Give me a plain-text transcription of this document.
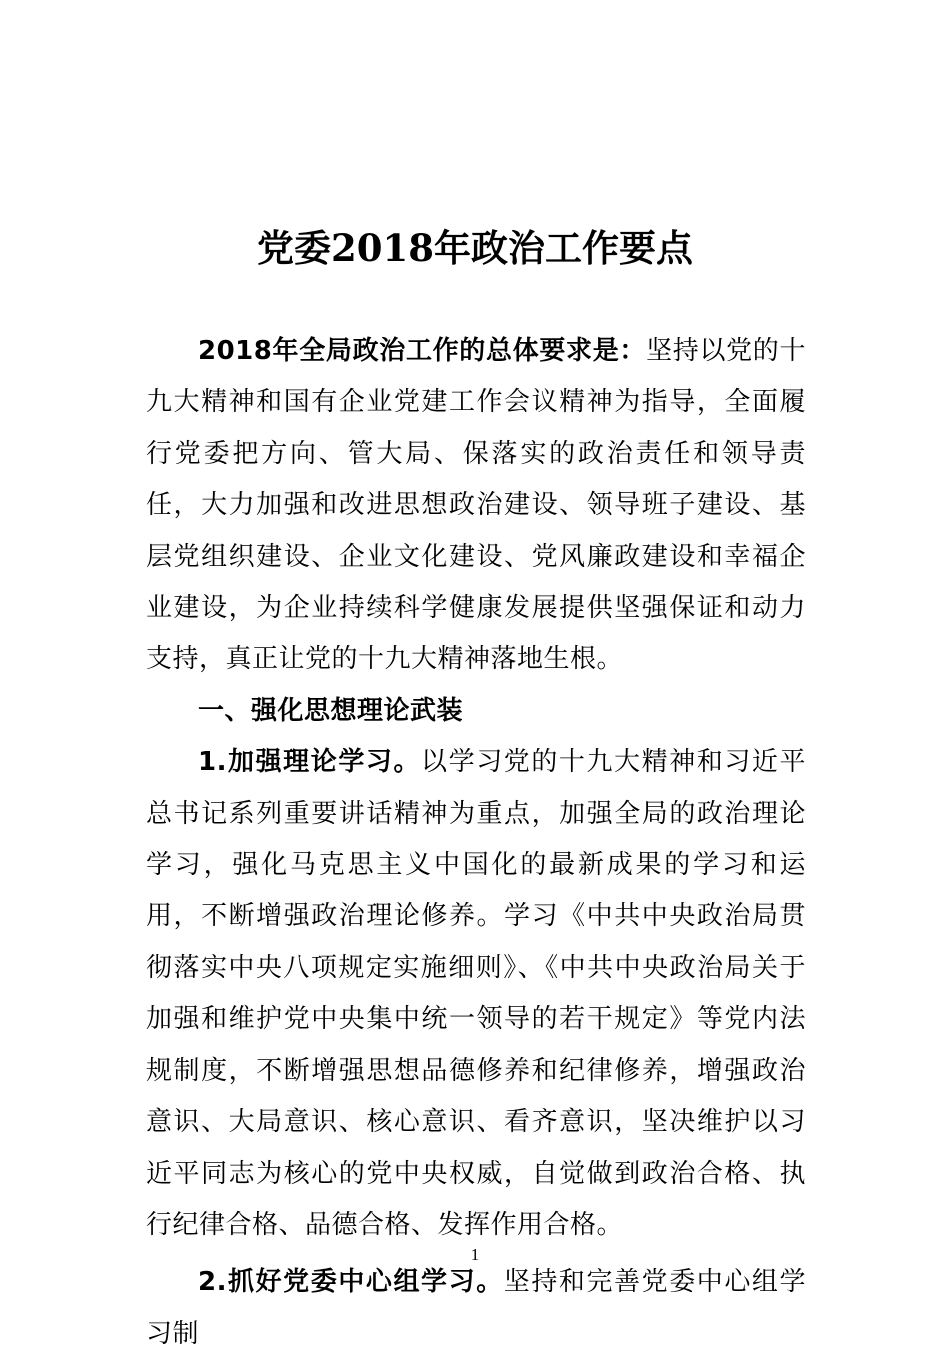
党委2018年政治工作要点

2018年全局政治工作的总体要求是：坚持以党的十九大精神和国有企业党建工作会议精神为指导，全面履行党委把方向、管大局、保落实的政治责任和领导责任，大力加强和改进思想政治建设、领导班子建设、基层党组织建设、企业文化建设、党风廉政建设和幸福企业建设，为企业持续科学健康发展提供坚强保证和动力支持，真正让党的十九大精神落地生根。

一、强化思想理论武装

1.加强理论学习。以学习党的十九大精神和习近平总书记系列重要讲话精神为重点，加强全局的政治理论学习，强化马克思主义中国化的最新成果的学习和运用，不断增强政治理论修养。学习《中共中央政治局贯彻落实中央八项规定实施细则》、《中共中央政治局关于加强和维护党中央集中统一领导的若干规定》等党内法规制度，不断增强思想品德修养和纪律修养，增强政治意识、大局意识、核心意识、看齐意识，坚决维护以习近平同志为核心的党中央权威，自觉做到政治合格、执行纪律合格、品德合格、发挥作用合格。

2.抓好党委中心组学习。坚持和完善党委中心组学习制

1
